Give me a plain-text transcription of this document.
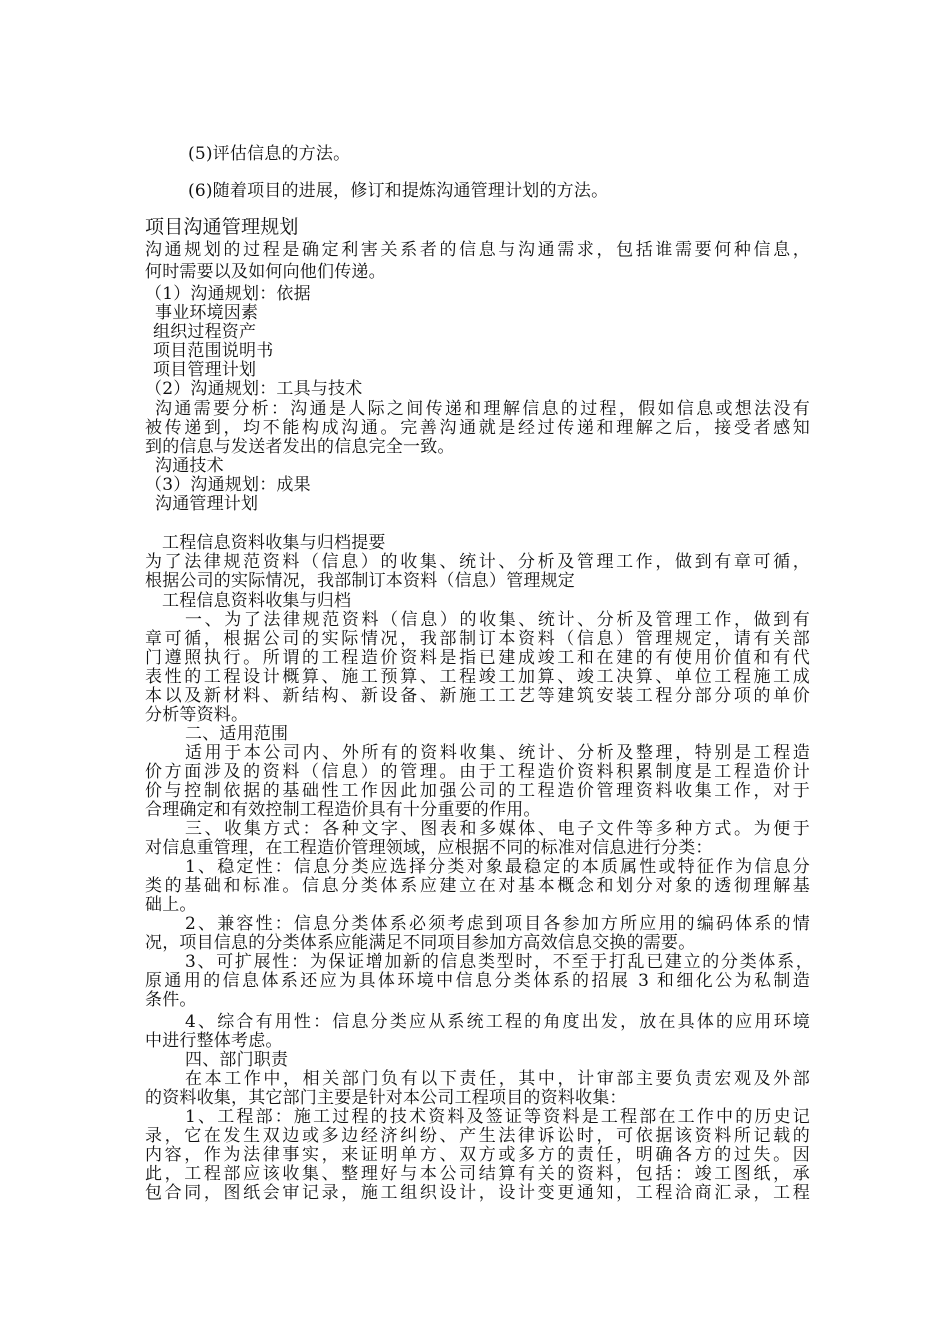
(5)评估信息的方法。
(6)随着项目的进展，修订和提炼沟通管理计划的方法。
项目沟通管理规划
沟通规划的过程是确定利害关系者的信息与沟通需求，包括谁需要何种信息，
何时需要以及如何向他们传递。
（1）沟通规划：依据
事业环境因素
组织过程资产
项目范围说明书
项目管理计划
（2）沟通规划：工具与技术
沟通需要分析：沟通是人际之间传递和理解信息的过程，假如信息或想法没有
被传递到，均不能构成沟通。完善沟通就是经过传递和理解之后，接受者感知
到的信息与发送者发出的信息完全一致。
沟通技术
（3）沟通规划：成果
沟通管理计划
工程信息资料收集与归档提要
为了法律规范资料（信息）的收集、统计、分析及管理工作，做到有章可循，
根据公司的实际情况，我部制订本资料（信息）管理规定
工程信息资料收集与归档
一、为了法律规范资料（信息）的收集、统计、分析及管理工作，做到有
章可循，根据公司的实际情况，我部制订本资料（信息）管理规定，请有关部
门遵照执行。所谓的工程造价资料是指已建成竣工和在建的有使用价值和有代
表性的工程设计概算、施工预算、工程竣工加算、竣工决算、单位工程施工成
本以及新材料、新结构、新设备、新施工工艺等建筑安装工程分部分项的单价
分析等资料。
二、适用范围
适用于本公司内、外所有的资料收集、统计、分析及整理，特别是工程造
价方面涉及的资料（信息）的管理。由于工程造价资料积累制度是工程造价计
价与控制依据的基础性工作因此加强公司的工程造价管理资料收集工作，对于
合理确定和有效控制工程造价具有十分重要的作用。
三、收集方式：各种文字、图表和多媒体、电子文件等多种方式。为便于
对信息重管理，在工程造价管理领域，应根据不同的标准对信息进行分类：
1、稳定性：信息分类应选择分类对象最稳定的本质属性或特征作为信息分
类的基础和标准。信息分类体系应建立在对基本概念和划分对象的透彻理解基
础上。
2、兼容性：信息分类体系必须考虑到项目各参加方所应用的编码体系的情
况，项目信息的分类体系应能满足不同项目参加方高效信息交换的需要。
3、可扩展性：为保证增加新的信息类型时，不至于打乱已建立的分类体系，
原通用的信息体系还应为具体环境中信息分类体系的招展 3 和细化公为私制造
条件。
4、综合有用性：信息分类应从系统工程的角度出发，放在具体的应用环境
中进行整体考虑。
四、部门职责
在本工作中，相关部门负有以下责任，其中，计审部主要负责宏观及外部
的资料收集，其它部门主要是针对本公司工程项目的资料收集：
1、工程部：施工过程的技术资料及签证等资料是工程部在工作中的历史记
录，它在发生双边或多边经济纠纷、产生法律诉讼时，可依据该资料所记载的
内容，作为法律事实，来证明单方、双方或多方的责任，明确各方的过失。因
此，工程部应该收集、整理好与本公司结算有关的资料，包括：竣工图纸，承
包合同，图纸会审记录，施工组织设计，设计变更通知，工程洽商汇录，工程
